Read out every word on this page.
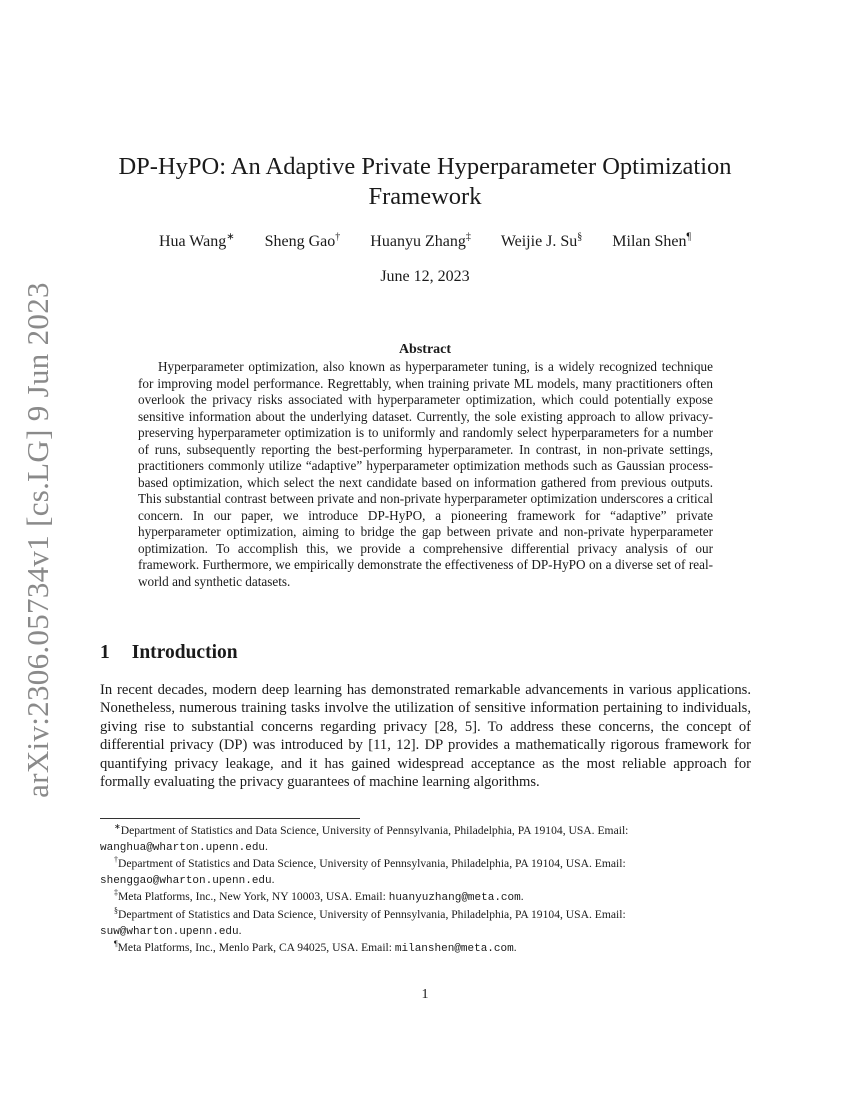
arXiv:2306.05734v1 [cs.LG] 9 Jun 2023
DP-HyPO: An Adaptive Private Hyperparameter Optimization Framework
Hua Wang∗ Sheng Gao† Huanyu Zhang‡ Weijie J. Su§ Milan Shen¶
June 12, 2023
Abstract

Hyperparameter optimization, also known as hyperparameter tuning, is a widely recognized technique for improving model performance. Regrettably, when training private ML models, many practitioners often overlook the privacy risks associated with hyperparameter optimization, which could potentially expose sensitive information about the underlying dataset. Currently, the sole existing approach to allow privacy-preserving hyperparameter optimization is to uniformly and randomly select hyperparameters for a number of runs, subsequently reporting the best-performing hyperparameter. In contrast, in non-private settings, practitioners commonly utilize “adaptive” hyperparameter optimization methods such as Gaussian process-based optimization, which select the next candidate based on information gathered from previous outputs. This substantial contrast between private and non-private hyperparameter optimization underscores a critical concern. In our paper, we introduce DP-HyPO, a pioneering framework for “adaptive” private hyperparameter optimization, aiming to bridge the gap between private and non-private hyperparameter optimization. To accomplish this, we provide a comprehensive differential privacy analysis of our framework. Furthermore, we empirically demonstrate the effectiveness of DP-HyPO on a diverse set of real-world and synthetic datasets.

1 Introduction

In recent decades, modern deep learning has demonstrated remarkable advancements in various applications. Nonetheless, numerous training tasks involve the utilization of sensitive information pertaining to individuals, giving rise to substantial concerns regarding privacy [28, 5]. To address these concerns, the concept of differential privacy (DP) was introduced by [11, 12]. DP provides a mathematically rigorous framework for quantifying privacy leakage, and it has gained widespread acceptance as the most reliable approach for formally evaluating the privacy guarantees of machine learning algorithms.

∗Department of Statistics and Data Science, University of Pennsylvania, Philadelphia, PA 19104, USA. Email: wanghua@wharton.upenn.edu.

†Department of Statistics and Data Science, University of Pennsylvania, Philadelphia, PA 19104, USA. Email: shenggao@wharton.upenn.edu.

‡Meta Platforms, Inc., New York, NY 10003, USA. Email: huanyuzhang@meta.com.

§Department of Statistics and Data Science, University of Pennsylvania, Philadelphia, PA 19104, USA. Email: suw@wharton.upenn.edu.

¶Meta Platforms, Inc., Menlo Park, CA 94025, USA. Email: milanshen@meta.com.

1
